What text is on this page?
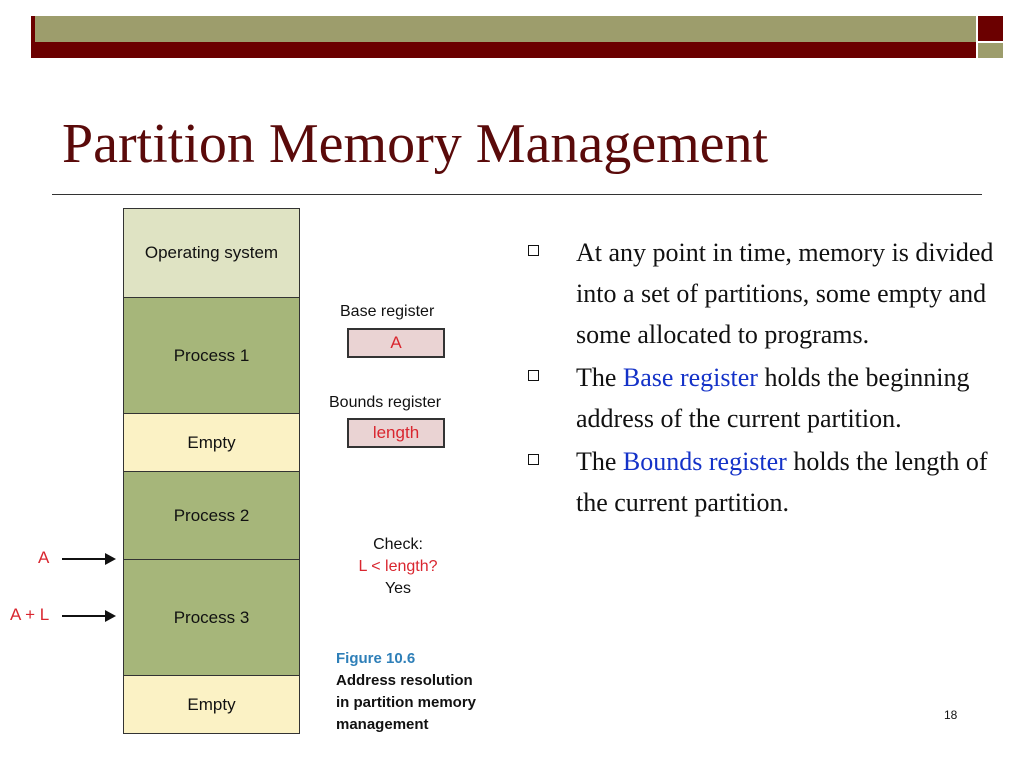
Partition Memory Management
Operating system
Process 1
Empty
Process 2
Process 3
Empty
A
A + L
Base register
A
Bounds register
length
Check:
L < length?
Yes
Figure 10.6
Address resolution
in partition memory
management
At any point in time, memory is divided into a set of partitions, some empty and some allocated to programs.
The Base register holds the beginning address of the current partition.
The Bounds register holds the length of the current partition.
18
